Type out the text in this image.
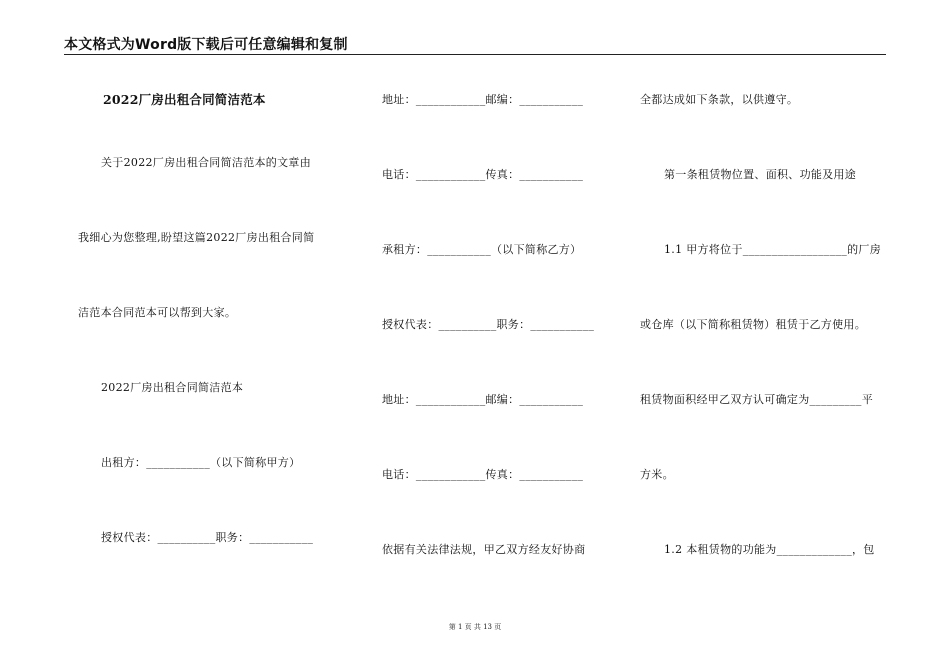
本文格式为Word版下载后可任意编辑和复制
2022厂房出租合同简洁范本
关于2022厂房出租合同简洁范本的文章由
我细心为您整理,盼望这篇2022厂房出租合同简
洁范本合同范本可以帮到大家。
2022厂房出租合同简洁范本
出租方：___________（以下简称甲方）
授权代表：__________职务：___________
地址：____________邮编：___________
电话：____________传真：___________
承租方：___________（以下简称乙方）
授权代表：__________职务：___________
地址：____________邮编：___________
电话：____________传真：___________
依据有关法律法规，甲乙双方经友好协商
全都达成如下条款，以供遵守。
第一条租赁物位置、面积、功能及用途
1.1 甲方将位于__________________的厂房
或仓库（以下简称租赁物）租赁于乙方使用。
租赁物面积经甲乙双方认可确定为_________平
方米。
1.2 本租赁物的功能为_____________，包
第 1 页 共 13 页
